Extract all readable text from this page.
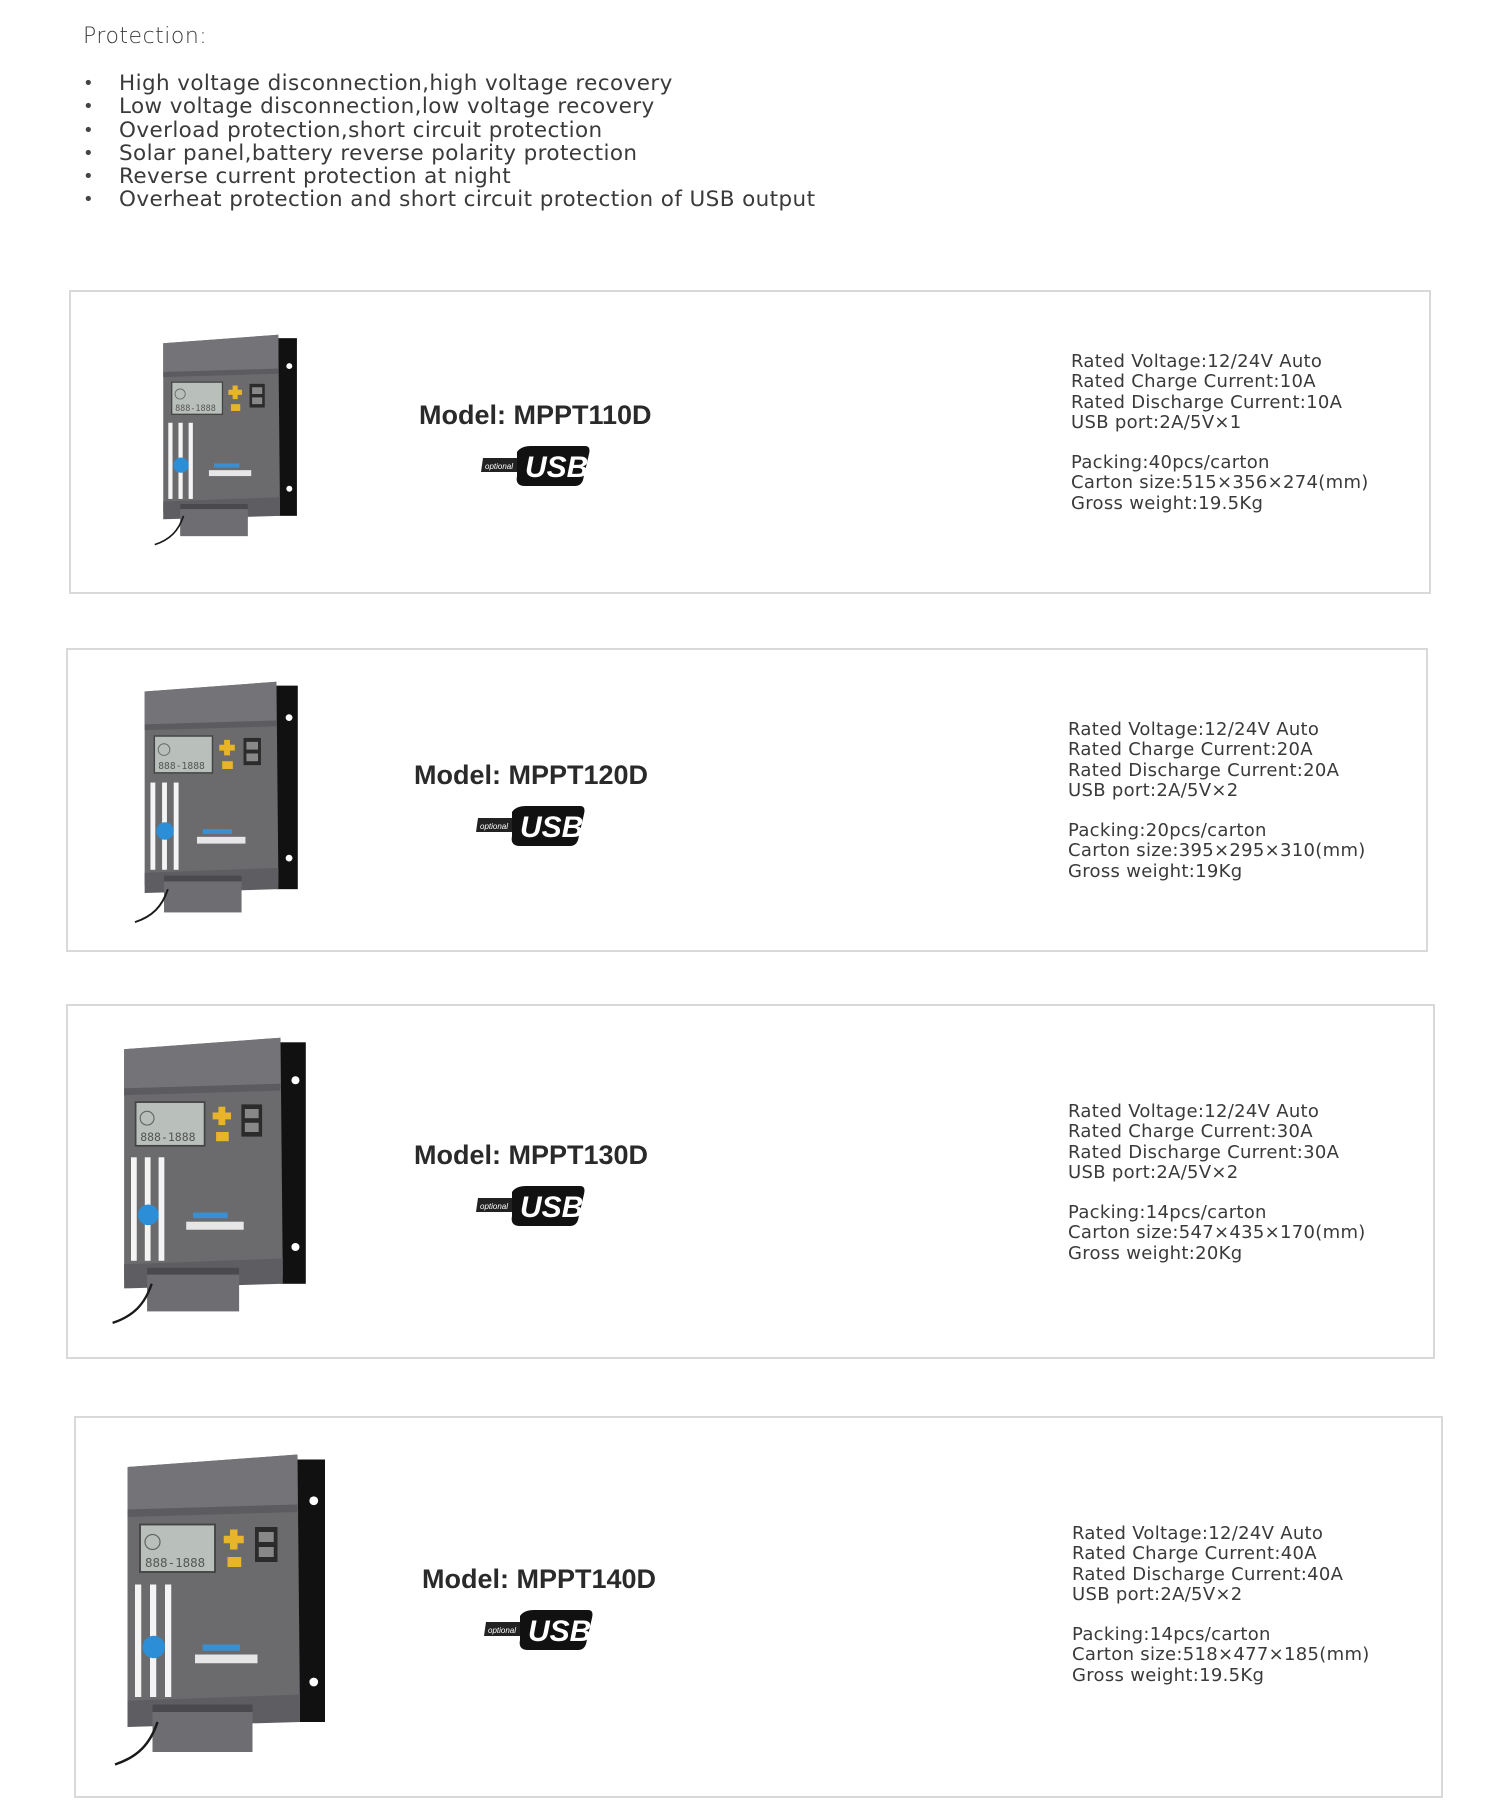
Protection:
• High voltage disconnection,high voltage recovery
• Low voltage disconnection,low voltage recovery
• Overload protection,short circuit protection
• Solar panel,battery reverse polarity protection
• Reverse current protection at night
• Overheat protection and short circuit protection of USB output
Model: MPPT110D
Rated Voltage:12/24V Auto
Rated Charge Current:10A
Rated Discharge Current:10A
USB port:2A/5V×1
Packing:40pcs/carton
Carton size:515×356×274(mm)
Gross weight:19.5Kg
Model: MPPT120D
Rated Voltage:12/24V Auto
Rated Charge Current:20A
Rated Discharge Current:20A
USB port:2A/5V×2
Packing:20pcs/carton
Carton size:395×295×310(mm)
Gross weight:19Kg
Model: MPPT130D
Rated Voltage:12/24V Auto
Rated Charge Current:30A
Rated Discharge Current:30A
USB port:2A/5V×2
Packing:14pcs/carton
Carton size:547×435×170(mm)
Gross weight:20Kg
Model: MPPT140D
Rated Voltage:12/24V Auto
Rated Charge Current:40A
Rated Discharge Current:40A
USB port:2A/5V×2
Packing:14pcs/carton
Carton size:518×477×185(mm)
Gross weight:19.5Kg
